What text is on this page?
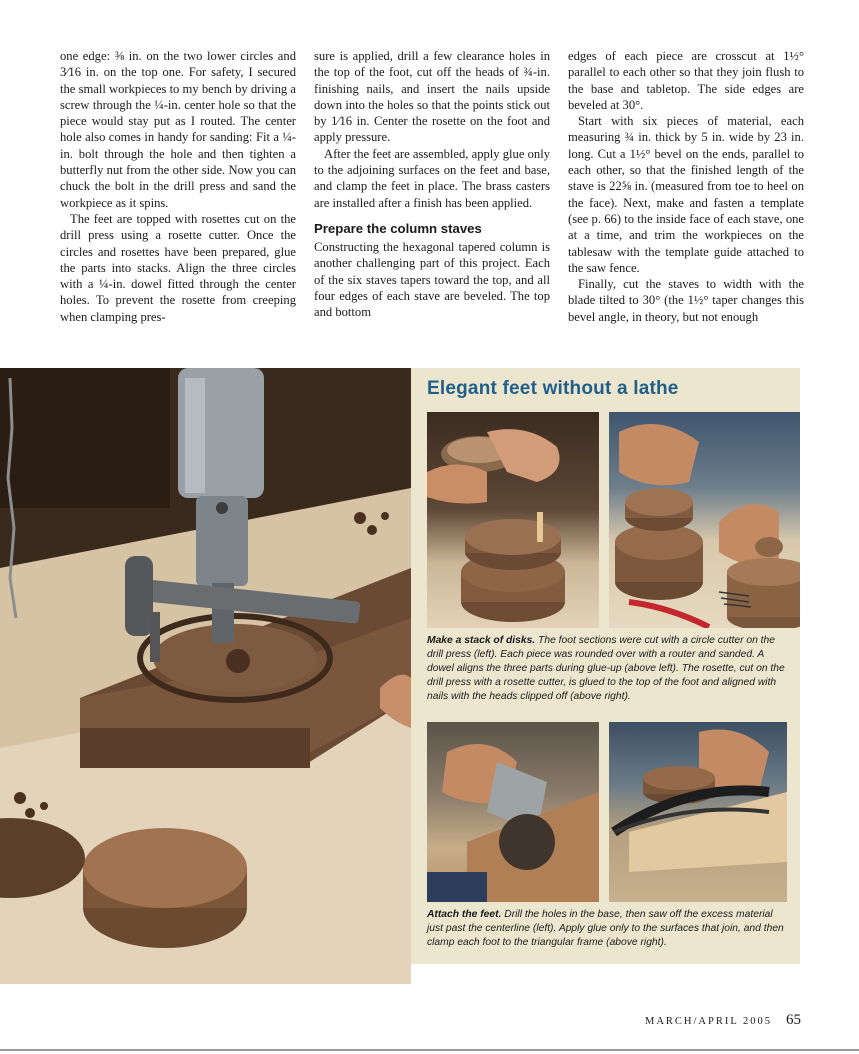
one edge: ⅜ in. on the two lower circles and 3⁄16 in. on the top one. For safety, I secured the small workpieces to my bench by driving a screw through the ¼-in. center hole so that the piece would stay put as I routed. The center hole also comes in handy for sanding: Fit a ¼-in. bolt through the hole and then tighten a butterfly nut from the other side. Now you can chuck the bolt in the drill press and sand the workpiece as it spins.

The feet are topped with rosettes cut on the drill press using a rosette cutter. Once the circles and rosettes have been prepared, glue the parts into stacks. Align the three circles with a ¼-in. dowel fitted through the center holes. To prevent the rosette from creeping when clamping pres-

sure is applied, drill a few clearance holes in the top of the foot, cut off the heads of ¾-in. finishing nails, and insert the nails upside down into the holes so that the points stick out by 1⁄16 in. Center the rosette on the foot and apply pressure.

After the feet are assembled, apply glue only to the adjoining surfaces on the feet and base, and clamp the feet in place. The brass casters are installed after a finish has been applied.

Prepare the column staves

Constructing the hexagonal tapered column is another challenging part of this project. Each of the six staves tapers toward the top, and all four edges of each stave are beveled. The top and bottom

edges of each piece are crosscut at 1½° parallel to each other so that they join flush to the base and tabletop. The side edges are beveled at 30°.

Start with six pieces of material, each measuring ¾ in. thick by 5 in. wide by 23 in. long. Cut a 1½° bevel on the ends, parallel to each other, so that the finished length of the stave is 22⅝ in. (measured from toe to heel on the face). Next, make and fasten a template (see p. 66) to the inside face of each stave, one at a time, and trim the workpieces on the tablesaw with the template guide attached to the saw fence.

Finally, cut the staves to width with the blade tilted to 30° (the 1½° taper changes this bevel angle, in theory, but not enough

Elegant feet without a lathe
Make a stack of disks. The foot sections were cut with a circle cutter on the drill press (left). Each piece was rounded over with a router and sanded. A dowel aligns the three parts during glue-up (above left). The rosette, cut on the drill press with a rosette cutter, is glued to the top of the foot and aligned with nails with the heads clipped off (above right).
Attach the feet. Drill the holes in the base, then saw off the excess material just past the centerline (left). Apply glue only to the surfaces that join, and then clamp each foot to the triangular frame (above right).
MARCH/APRIL 2005 65
